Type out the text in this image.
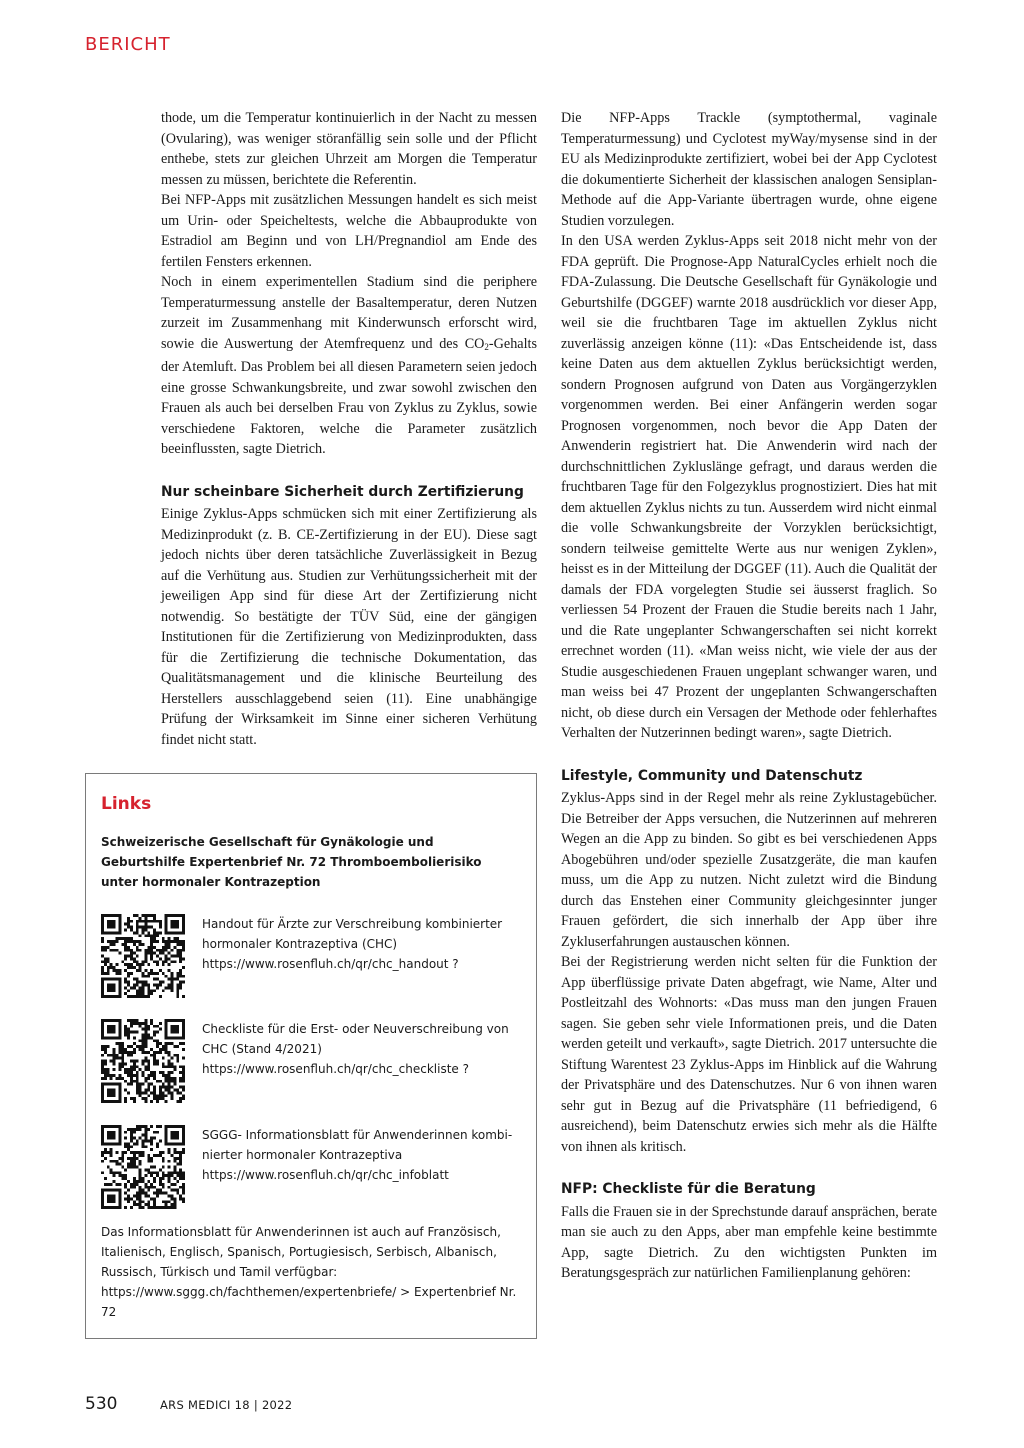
BERICHT

thode, um die Temperatur kontinuierlich in der Nacht zu messen (Ovularing), was weniger störanfällig sein solle und der Pflicht enthebe, stets zur gleichen Uhrzeit am Morgen die Temperatur messen zu müssen, berichtete die Referentin.

Bei NFP-Apps mit zusätzlichen Messungen handelt es sich meist um Urin- oder Speicheltests, welche die Abbauprodukte von Estradiol am Beginn und von LH/Pregnandiol am Ende des fertilen Fensters erkennen.

Noch in einem experimentellen Stadium sind die periphere Temperaturmessung anstelle der Basaltemperatur, deren Nutzen zurzeit im Zusammenhang mit Kinderwunsch erforscht wird, sowie die Auswertung der Atemfrequenz und des $CO_2$-Gehalts der Atemluft. Das Problem bei all diesen Parametern seien jedoch eine grosse Schwankungsbreite, und zwar sowohl zwischen den Frauen als auch bei derselben Frau von Zyklus zu Zyklus, sowie verschiedene Faktoren, welche die Parameter zusätzlich beeinflussten, sagte Dietrich.

Nur scheinbare Sicherheit durch Zertifizierung

Einige Zyklus-Apps schmücken sich mit einer Zertifizierung als Medizinprodukt (z. B. CE-Zertifizierung in der EU). Diese sagt jedoch nichts über deren tatsächliche Zuverlässigkeit in Bezug auf die Verhütung aus. Studien zur Verhütungssicherheit mit der jeweiligen App sind für diese Art der Zertifizierung nicht notwendig. So bestätigte der TÜV Süd, eine der gängigen Institutionen für die Zertifizierung von Medizinprodukten, dass für die Zertifizierung die technische Dokumentation, das Qualitätsmanagement und die klinische Beurteilung des Herstellers ausschlaggebend seien (11). Eine unabhängige Prüfung der Wirksamkeit im Sinne einer sicheren Verhütung findet nicht statt.

Links
Schweizerische Gesellschaft für Gynäkologie und Geburtshilfe Expertenbrief Nr. 72 Thromboembolierisiko unter hormonaler Kontrazeption
Handout für Ärzte zur Verschreibung kombinierter
hormonaler Kontrazeptiva (CHC)
https://www.rosenfluh.ch/qr/chc_handout ?
Checkliste für die Erst- oder Neuverschreibung von
CHC (Stand 4/2021)
https://www.rosenfluh.ch/qr/chc_checkliste ?
SGGG- Informationsblatt für Anwenderinnen kombi-
nierter hormonaler Kontrazeptiva
https://www.rosenfluh.ch/qr/chc_infoblatt
Das Informationsblatt für Anwenderinnen ist auch auf Französisch, Italienisch, Englisch, Spanisch, Portugiesisch, Serbisch, Albanisch, Russisch, Türkisch und Tamil verfügbar: https://www.sggg.ch/fachthemen/expertenbriefe/ > Expertenbrief Nr. 72

Die NFP-Apps Trackle (symptothermal, vaginale Temperaturmessung) und Cyclotest myWay/mysense sind in der EU als Medizinprodukte zertifiziert, wobei bei der App Cyclotest die dokumentierte Sicherheit der klassischen analogen Sensiplan-Methode auf die App-Variante übertragen wurde, ohne eigene Studien vorzulegen.

In den USA werden Zyklus-Apps seit 2018 nicht mehr von der FDA geprüft. Die Prognose-App NaturalCycles erhielt noch die FDA-Zulassung. Die Deutsche Gesellschaft für Gynäkologie und Geburtshilfe (DGGEF) warnte 2018 ausdrücklich vor dieser App, weil sie die fruchtbaren Tage im aktuellen Zyklus nicht zuverlässig anzeigen könne (11): «Das Entscheidende ist, dass keine Daten aus dem aktuellen Zyklus berücksichtigt werden, sondern Prognosen aufgrund von Daten aus Vorgängerzyklen vorgenommen werden. Bei einer Anfängerin werden sogar Prognosen vorgenommen, noch bevor die App Daten der Anwenderin registriert hat. Die Anwenderin wird nach der durchschnittlichen Zykluslänge gefragt, und daraus werden die fruchtbaren Tage für den Folgezyklus prognostiziert. Dies hat mit dem aktuellen Zyklus nichts zu tun. Ausserdem wird nicht einmal die volle Schwankungsbreite der Vorzyklen berücksichtigt, sondern teilweise gemittelte Werte aus nur wenigen Zyklen», heisst es in der Mitteilung der DGGEF (11). Auch die Qualität der damals der FDA vorgelegten Studie sei äusserst fraglich. So verliessen 54 Prozent der Frauen die Studie bereits nach 1 Jahr, und die Rate ungeplanter Schwangerschaften sei nicht korrekt errechnet worden (11). «Man weiss nicht, wie viele der aus der Studie ausgeschiedenen Frauen ungeplant schwanger waren, und man weiss bei 47 Prozent der ungeplanten Schwangerschaften nicht, ob diese durch ein Versagen der Methode oder fehlerhaftes Verhalten der Nutzerinnen bedingt waren», sagte Dietrich.

Lifestyle, Community und Datenschutz

Zyklus-Apps sind in der Regel mehr als reine Zyklustagebücher. Die Betreiber der Apps versuchen, die Nutzerinnen auf mehreren Wegen an die App zu binden. So gibt es bei verschiedenen Apps Abogebühren und/oder spezielle Zusatzgeräte, die man kaufen muss, um die App zu nutzen. Nicht zuletzt wird die Bindung durch das Enstehen einer Community gleichgesinnter junger Frauen gefördert, die sich innerhalb der App über ihre Zykluserfahrungen austauschen können.

Bei der Registrierung werden nicht selten für die Funktion der App überflüssige private Daten abgefragt, wie Name, Alter und Postleitzahl des Wohnorts: «Das muss man den jungen Frauen sagen. Sie geben sehr viele Informationen preis, und die Daten werden geteilt und verkauft», sagte Dietrich. 2017 untersuchte die Stiftung Warentest 23 Zyklus-Apps im Hinblick auf die Wahrung der Privatsphäre und des Datenschutzes. Nur 6 von ihnen waren sehr gut in Bezug auf die Privatsphäre (11 befriedigend, 6 ausreichend), beim Datenschutz erwies sich mehr als die Hälfte von ihnen als kritisch.

NFP: Checkliste für die Beratung

Falls die Frauen sie in der Sprechstunde darauf ansprächen, berate man sie auch zu den Apps, aber man empfehle keine bestimmte App, sagte Dietrich. Zu den wichtigsten Punkten im Beratungsgespräch zur natürlichen Familienplanung gehören:

530	ARS MEDICI 18 | 2022
